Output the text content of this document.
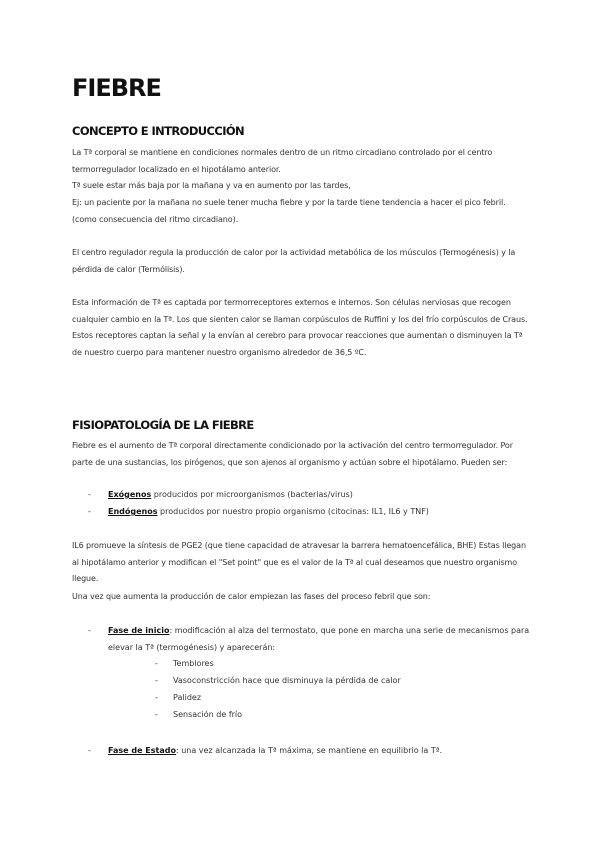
FIEBRE
CONCEPTO E INTRODUCCIÓN

La Tª corporal se mantiene en condiciones normales dentro de un ritmo circadiano controlado por el centro termorregulador localizado en el hipotálamo anterior.

Tª suele estar más baja por la mañana y va en aumento por las tardes,

Ej: un paciente por la mañana no suele tener mucha fiebre y por la tarde tiene tendencia a hacer el pico febril. (como consecuencia del ritmo circadiano).

El centro regulador regula la producción de calor por la actividad metabólica de los músculos (Termogénesis) y la pérdida de calor (Termólisis).

Esta información de Tª es captada por termorreceptores externos e internos. Son células nerviosas que recogen cualquier cambio en la Tª. Los que sienten calor se llaman corpúsculos de Ruffini y los del frío corpúsculos de Craus. Estos receptores captan la señal y la envían al cerebro para provocar reacciones que aumentan o disminuyen la Tª de nuestro cuerpo para mantener nuestro organismo alrededor de 36,5 ºC.

FISIOPATOLOGÍA DE LA FIEBRE

Fiebre es el aumento de Tª corporal directamente condicionado por la activación del centro termorregulador. Por parte de una sustancias, los pirógenos, que son ajenos al organismo y actúan sobre el hipotálamo. Pueden ser:

- Exógenos producidos por microorganismos (bacterias/virus)

- Endógenos producidos por nuestro propio organismo (citocinas: IL1, IL6 y TNF)

IL6 promueve la síntesis de PGE2 (que tiene capacidad de atravesar la barrera hematoencefálica, BHE) Estas llegan al hipotálamo anterior y modifican el "Set point" que es el valor de la Tª al cual deseamos que nuestro organismo llegue.

Una vez que aumenta la producción de calor empiezan las fases del proceso febril que son:

- Fase de inicio: modificación al alza del termostato, que pone en marcha una serie de mecanismos para elevar la Tª (termogénesis) y aparecerán:

- Temblores

- Vasoconstricción hace que disminuya la pérdida de calor

- Palidez

- Sensación de frío

- Fase de Estado: una vez alcanzada la Tª máxima, se mantiene en equilibrio la Tª.
